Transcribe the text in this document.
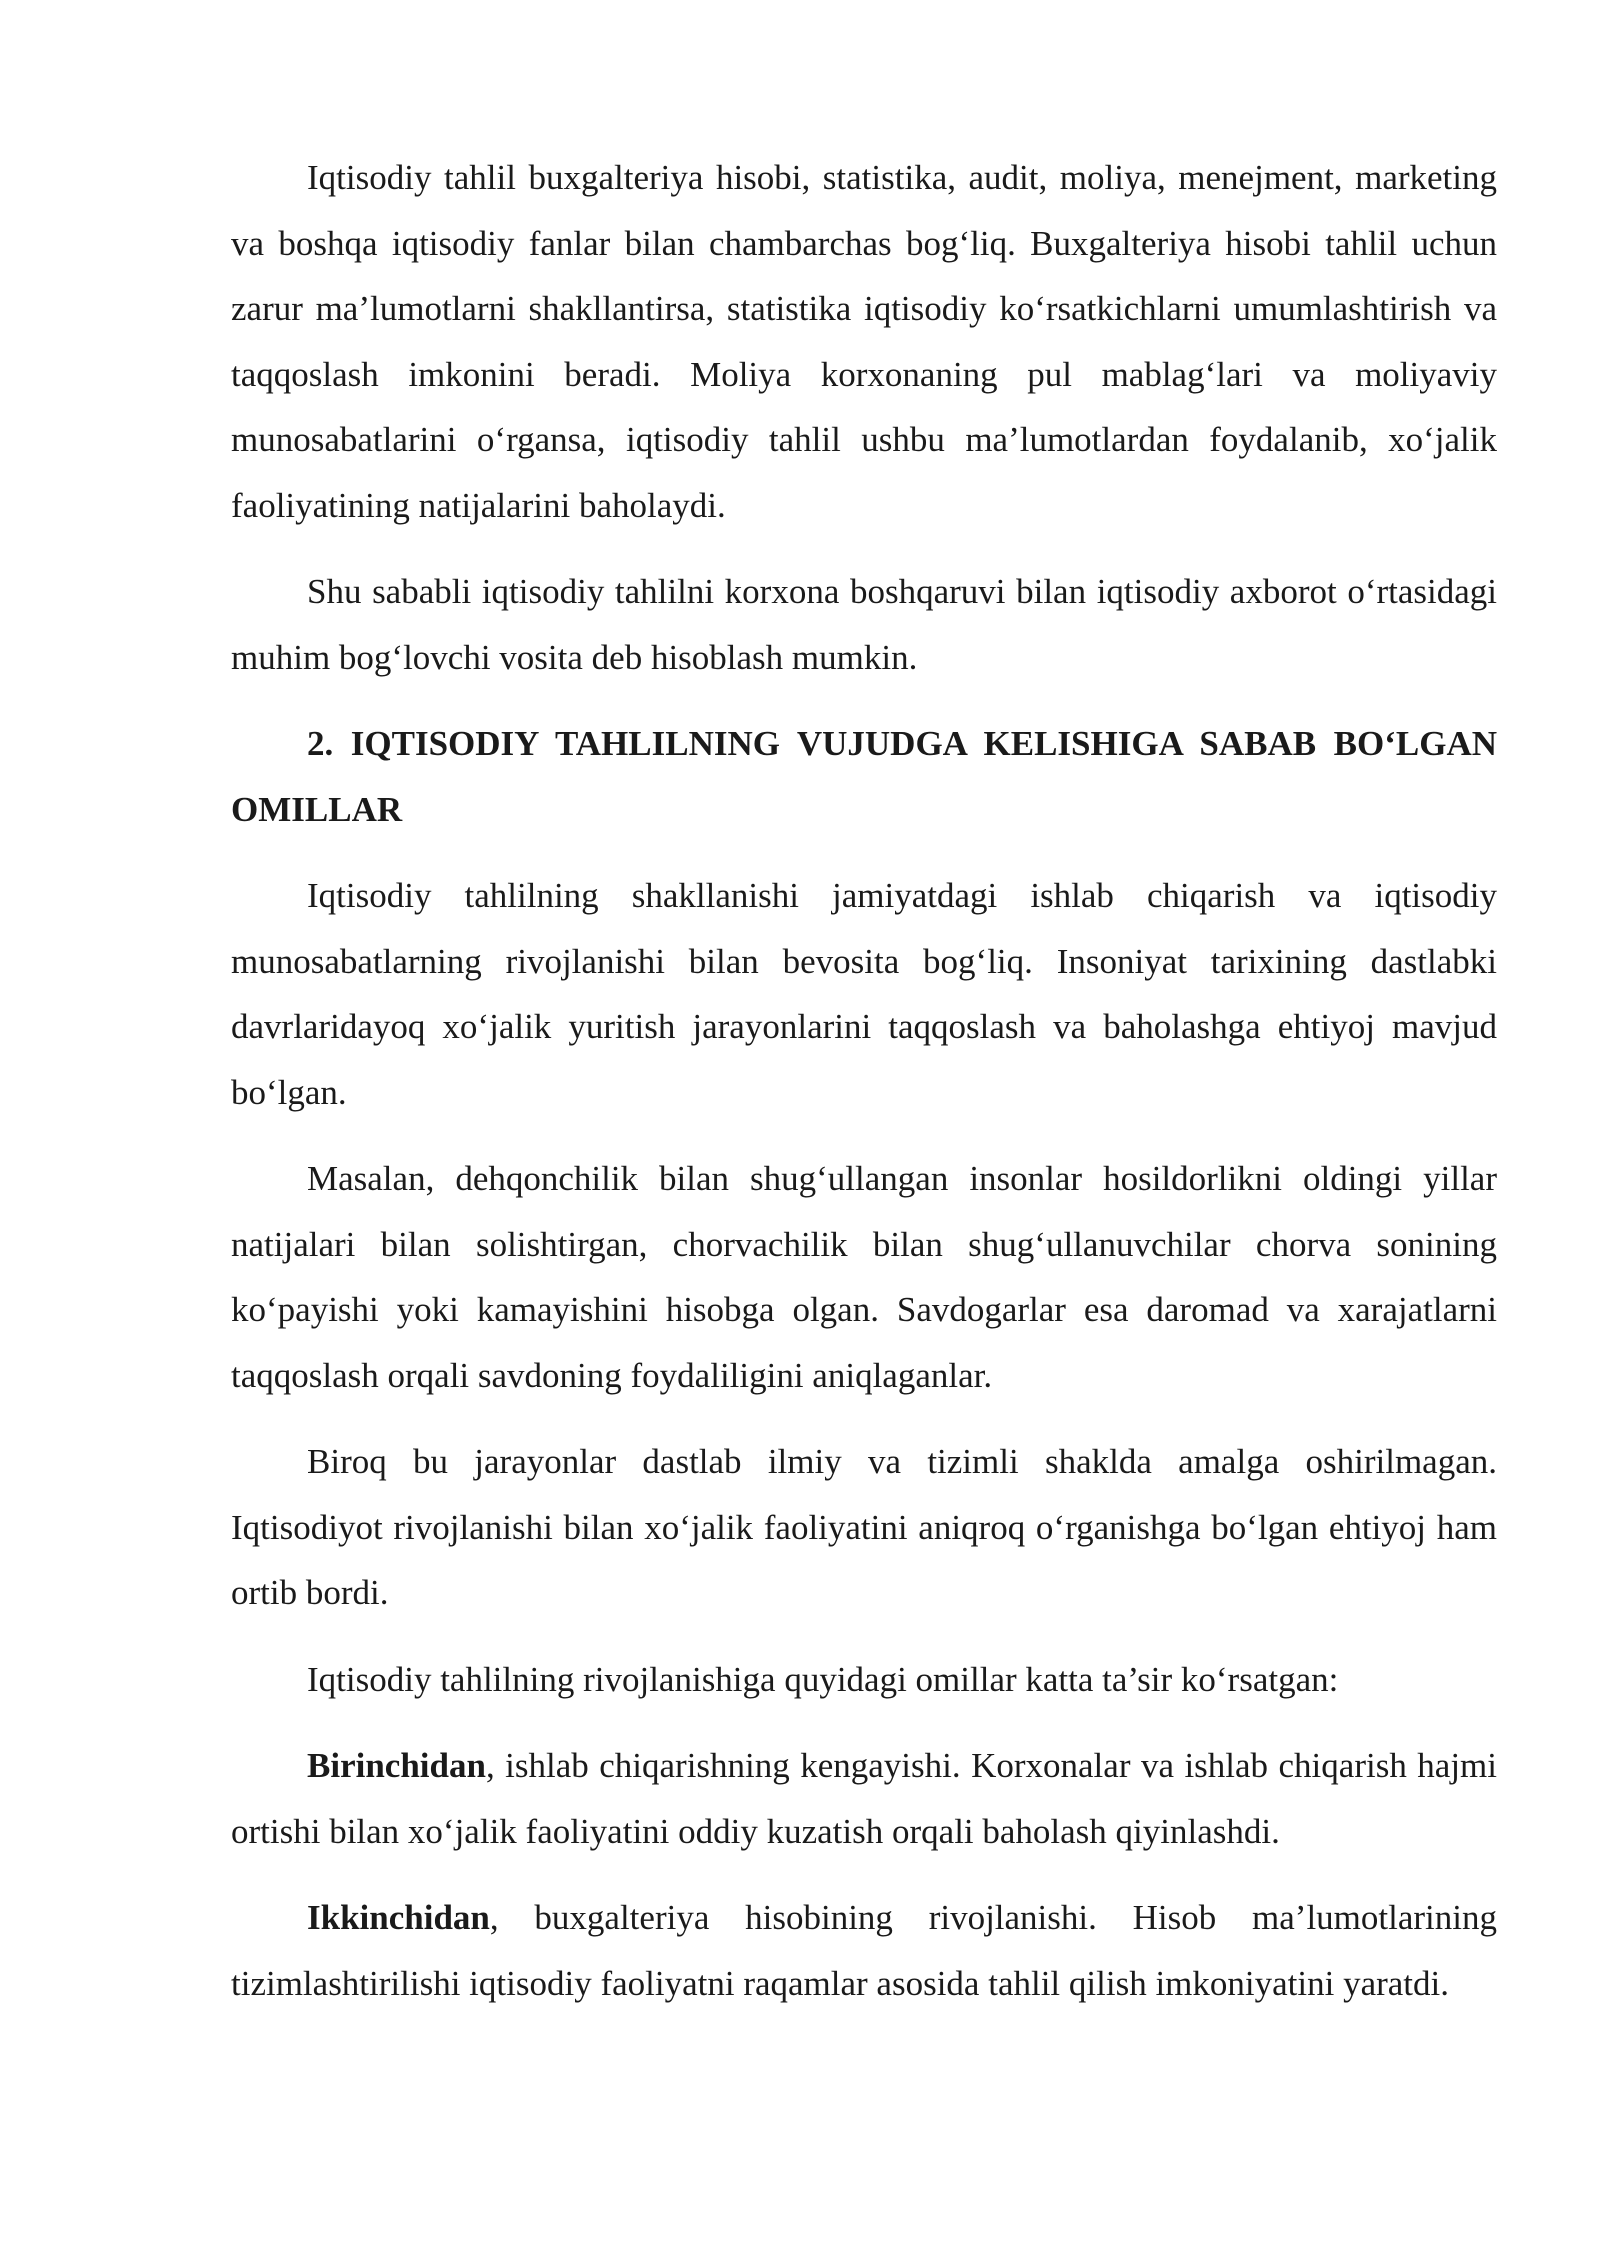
Iqtisodiy tahlil buxgalteriya hisobi, statistika, audit, moliya, menejment, marketing va boshqa iqtisodiy fanlar bilan chambarchas bog‘liq. Buxgalteriya hisobi tahlil uchun zarur ma’lumotlarni shakllantirsa, statistika iqtisodiy ko‘rsatkichlarni umumlashtirish va taqqoslash imkonini beradi. Moliya korxonaning pul mablag‘lari va moliyaviy munosabatlarini o‘rgansa, iqtisodiy tahlil ushbu ma’lumotlardan foydalanib, xo‘jalik faoliyatining natijalarini baholaydi.

Shu sababli iqtisodiy tahlilni korxona boshqaruvi bilan iqtisodiy axborot o‘rtasidagi muhim bog‘lovchi vosita deb hisoblash mumkin.

2. IQTISODIY TAHLILNING VUJUDGA KELISHIGA SABAB BO‘LGAN OMILLAR

Iqtisodiy tahlilning shakllanishi jamiyatdagi ishlab chiqarish va iqtisodiy munosabatlarning rivojlanishi bilan bevosita bog‘liq. Insoniyat tarixining dastlabki davrlaridayoq xo‘jalik yuritish jarayonlarini taqqoslash va baholashga ehtiyoj mavjud bo‘lgan.

Masalan, dehqonchilik bilan shug‘ullangan insonlar hosildorlikni oldingi yillar natijalari bilan solishtirgan, chorvachilik bilan shug‘ullanuvchilar chorva sonining ko‘payishi yoki kamayishini hisobga olgan. Savdogarlar esa daromad va xarajatlarni taqqoslash orqali savdoning foydaliligini aniqlaganlar.

Biroq bu jarayonlar dastlab ilmiy va tizimli shaklda amalga oshirilmagan. Iqtisodiyot rivojlanishi bilan xo‘jalik faoliyatini aniqroq o‘rganishga bo‘lgan ehtiyoj ham ortib bordi.

Iqtisodiy tahlilning rivojlanishiga quyidagi omillar katta ta’sir ko‘rsatgan:

Birinchidan, ishlab chiqarishning kengayishi. Korxonalar va ishlab chiqarish hajmi ortishi bilan xo‘jalik faoliyatini oddiy kuzatish orqali baholash qiyinlashdi.

Ikkinchidan, buxgalteriya hisobining rivojlanishi. Hisob ma’lumotlarining tizimlashtirilishi iqtisodiy faoliyatni raqamlar asosida tahlil qilish imkoniyatini yaratdi.
